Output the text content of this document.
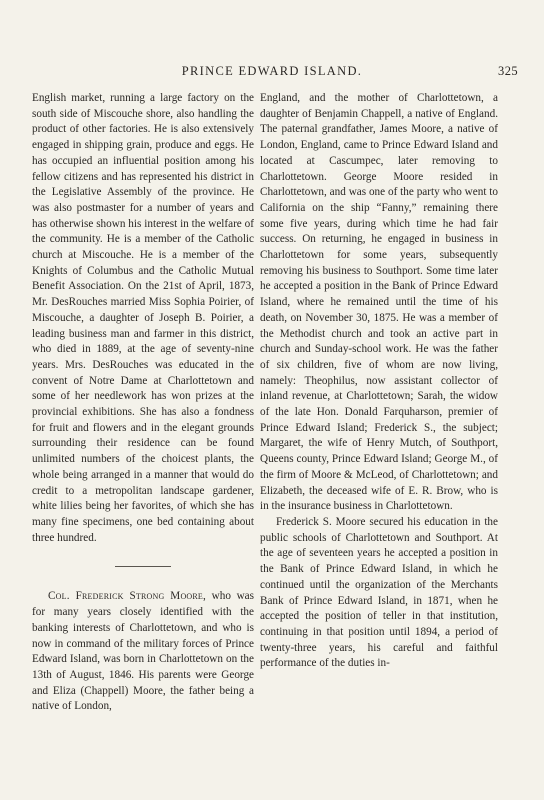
PRINCE EDWARD ISLAND.	325

English market, running a large factory on the south side of Miscouche shore, also handling the product of other factories. He is also extensively engaged in shipping grain, produce and eggs. He has occupied an influential position among his fellow citizens and has represented his district in the Legislative Assembly of the province. He was also postmaster for a number of years and has otherwise shown his interest in the welfare of the community. He is a member of the Catholic church at Miscouche. He is a member of the Knights of Columbus and the Catholic Mutual Benefit Association. On the 21st of April, 1873, Mr. DesRouches married Miss Sophia Poirier, of Miscouche, a daughter of Joseph B. Poirier, a leading business man and farmer in this district, who died in 1889, at the age of seventy-nine years. Mrs. DesRouches was educated in the convent of Notre Dame at Charlottetown and some of her needlework has won prizes at the provincial exhibitions. She has also a fondness for fruit and flowers and in the elegant grounds surrounding their residence can be found unlimited numbers of the choicest plants, the whole being arranged in a manner that would do credit to a metropolitan landscape gardener, white lilies being her favorites, of which she has many fine specimens, one bed containing about three hundred.

Col. Frederick Strong Moore, who was for many years closely identified with the banking interests of Charlottetown, and who is now in command of the military forces of Prince Edward Island, was born in Charlottetown on the 13th of August, 1846. His parents were George and Eliza (Chappell) Moore, the father being a native of London,

England, and the mother of Charlottetown, a daughter of Benjamin Chappell, a native of England. The paternal grandfather, James Moore, a native of London, England, came to Prince Edward Island and located at Cascumpec, later removing to Charlottetown. George Moore resided in Charlottetown, and was one of the party who went to California on the ship “Fanny,” remaining there some five years, during which time he had fair success. On returning, he engaged in business in Charlottetown for some years, subsequently removing his business to Southport. Some time later he accepted a position in the Bank of Prince Edward Island, where he remained until the time of his death, on November 30, 1875. He was a member of the Methodist church and took an active part in church and Sunday-school work. He was the father of six children, five of whom are now living, namely: Theophilus, now assistant collector of inland revenue, at Charlottetown; Sarah, the widow of the late Hon. Donald Farquharson, premier of Prince Edward Island; Frederick S., the subject; Margaret, the wife of Henry Mutch, of Southport, Queens county, Prince Edward Island; George M., of the firm of Moore & McLeod, of Charlottetown; and Elizabeth, the deceased wife of E. R. Brow, who is in the insurance business in Charlottetown.

Frederick S. Moore secured his education in the public schools of Charlottetown and Southport. At the age of seventeen years he accepted a position in the Bank of Prince Edward Island, in which he continued until the organization of the Merchants Bank of Prince Edward Island, in 1871, when he accepted the position of teller in that institution, continuing in that position until 1894, a period of twenty-three years, his careful and faithful performance of the duties in-
